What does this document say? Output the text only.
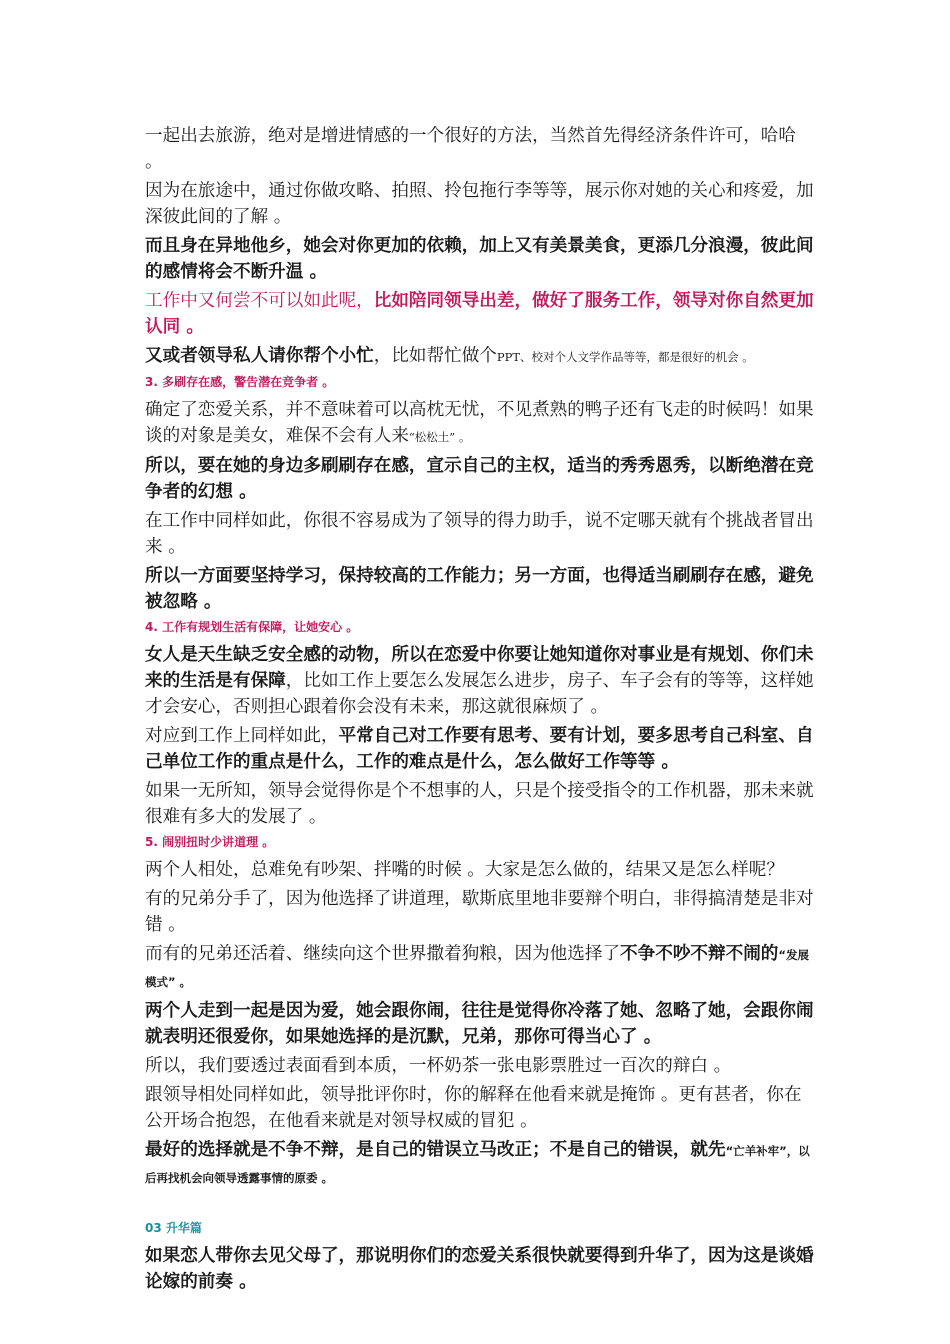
一起出去旅游，绝对是增进情感的一个很好的方法，当然首先得经济条件许可，哈哈 。

因为在旅途中，通过你做攻略、拍照、拎包拖行李等等，展示你对她的关心和疼爱，加深彼此间的了解 。

而且身在异地他乡，她会对你更加的依赖，加上又有美景美食，更添几分浪漫，彼此间的感情将会不断升温 。

工作中又何尝不可以如此呢，比如陪同领导出差，做好了服务工作，领导对你自然更加认同 。

又或者领导私人请你帮个小忙，比如帮忙做个PPT、校对个人文学作品等等，都是很好的机会 。

3. 多刷存在感，警告潜在竞争者 。

确定了恋爱关系，并不意味着可以高枕无忧，不见煮熟的鸭子还有飞走的时候吗！如果谈的对象是美女，难保不会有人来“松松土” 。

所以，要在她的身边多刷刷存在感，宣示自己的主权，适当的秀秀恩秀，以断绝潜在竞争者的幻想 。

在工作中同样如此，你很不容易成为了领导的得力助手，说不定哪天就有个挑战者冒出来 。

所以一方面要坚持学习，保持较高的工作能力；另一方面，也得适当刷刷存在感，避免被忽略 。

4. 工作有规划生活有保障，让她安心 。

女人是天生缺乏安全感的动物，所以在恋爱中你要让她知道你对事业是有规划、你们未来的生活是有保障，比如工作上要怎么发展怎么进步，房子、车子会有的等等，这样她才会安心，否则担心跟着你会没有未来，那这就很麻烦了 。

对应到工作上同样如此，平常自己对工作要有思考、要有计划，要多思考自己科室、自己单位工作的重点是什么，工作的难点是什么，怎么做好工作等等 。

如果一无所知，领导会觉得你是个不想事的人，只是个接受指令的工作机器，那未来就很难有多大的发展了 。

5. 闹别扭时少讲道理 。

两个人相处，总难免有吵架、拌嘴的时候 。大家是怎么做的，结果又是怎么样呢？

有的兄弟分手了，因为他选择了讲道理，歇斯底里地非要辩个明白，非得搞清楚是非对错 。

而有的兄弟还活着、继续向这个世界撒着狗粮，因为他选择了不争不吵不辩不闹的“发展模式” 。

两个人走到一起是因为爱，她会跟你闹，往往是觉得你冷落了她、忽略了她，会跟你闹就表明还很爱你，如果她选择的是沉默，兄弟，那你可得当心了 。

所以，我们要透过表面看到本质，一杯奶茶一张电影票胜过一百次的辩白 。

跟领导相处同样如此，领导批评你时，你的解释在他看来就是掩饰 。更有甚者，你在公开场合抱怨，在他看来就是对领导权威的冒犯 。

最好的选择就是不争不辩，是自己的错误立马改正；不是自己的错误，就先“亡羊补牢”，以后再找机会向领导透露事情的原委 。

03 升华篇

如果恋人带你去见父母了，那说明你们的恋爱关系很快就要得到升华了，因为这是谈婚论嫁的前奏 。
